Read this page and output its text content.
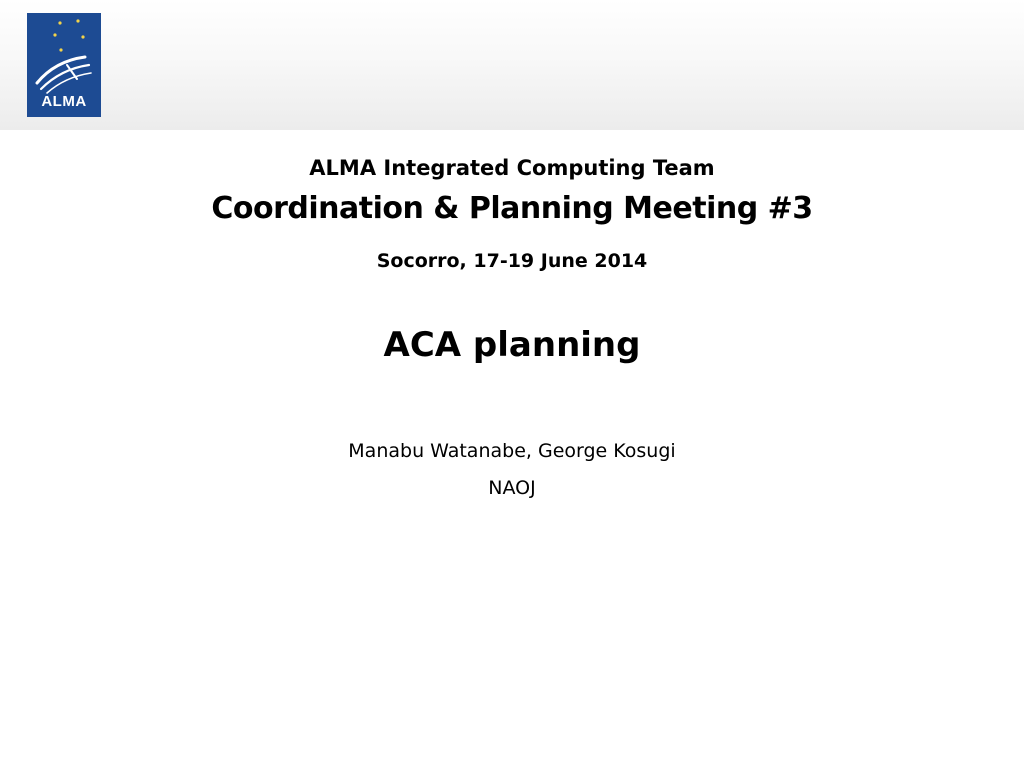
ALMA
ALMA Integrated Computing Team
Coordination & Planning Meeting #3
Socorro, 17-19 June 2014
ACA planning
Manabu Watanabe, George Kosugi
NAOJ
